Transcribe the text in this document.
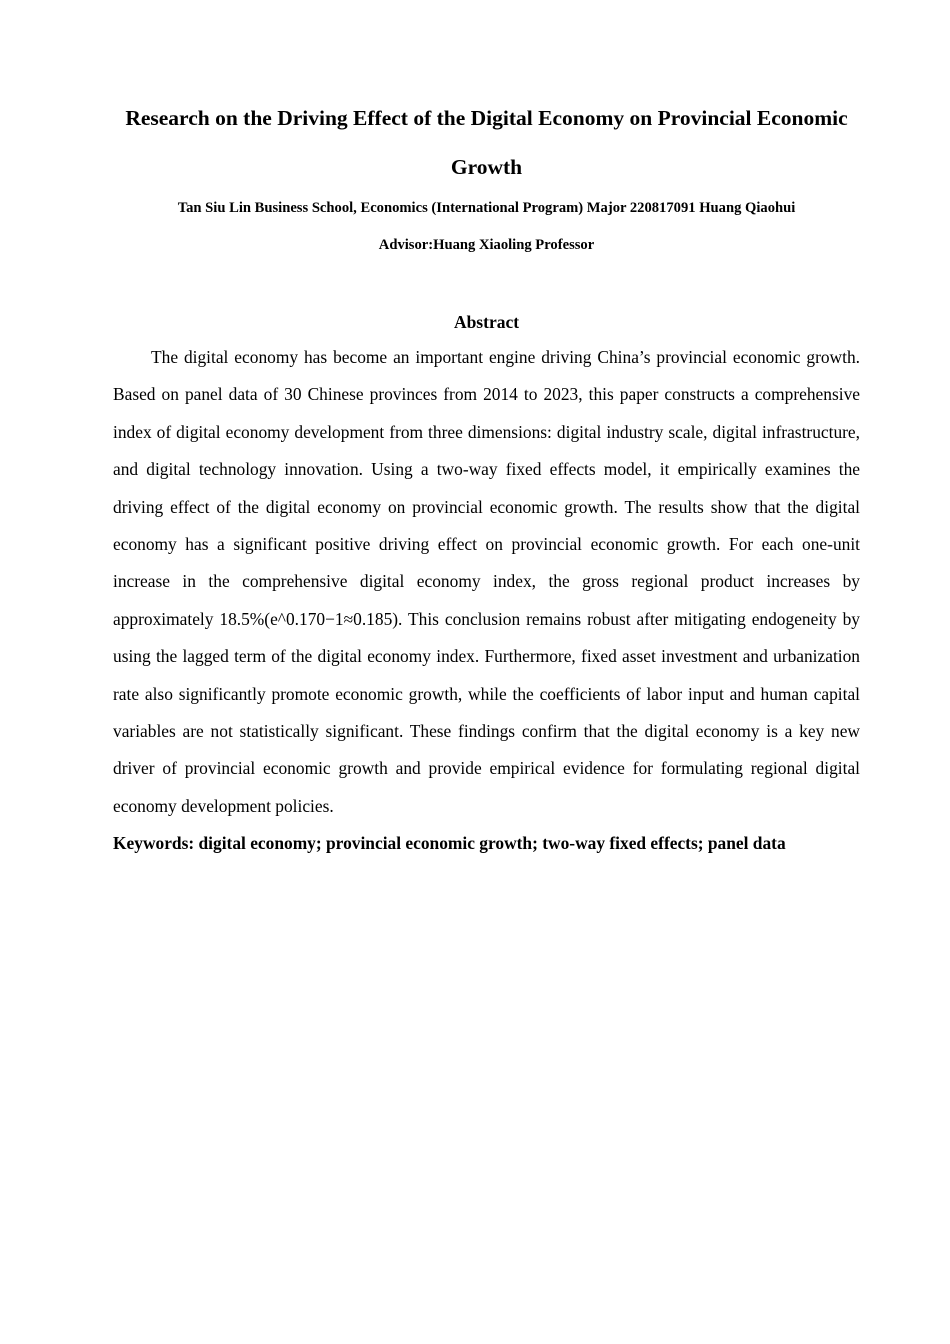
Research on the Driving Effect of the Digital Economy on Provincial Economic Growth

Tan Siu Lin Business School, Economics (International Program) Major 220817091 Huang Qiaohui

Advisor:Huang Xiaoling Professor

Abstract

The digital economy has become an important engine driving China’s provincial economic growth. Based on panel data of 30 Chinese provinces from 2014 to 2023, this paper constructs a comprehensive index of digital economy development from three dimensions: digital industry scale, digital infrastructure, and digital technology innovation. Using a two-way fixed effects model, it empirically examines the driving effect of the digital economy on provincial economic growth. The results show that the digital economy has a significant positive driving effect on provincial economic growth. For each one-unit increase in the comprehensive digital economy index, the gross regional product increases by approximately 18.5%(e^0.170−1≈0.185). This conclusion remains robust after mitigating endogeneity by using the lagged term of the digital economy index. Furthermore, fixed asset investment and urbanization rate also significantly promote economic growth, while the coefficients of labor input and human capital variables are not statistically significant. These findings confirm that the digital economy is a key new driver of provincial economic growth and provide empirical evidence for formulating regional digital economy development policies.

Keywords: digital economy; provincial economic growth; two-way fixed effects; panel data
